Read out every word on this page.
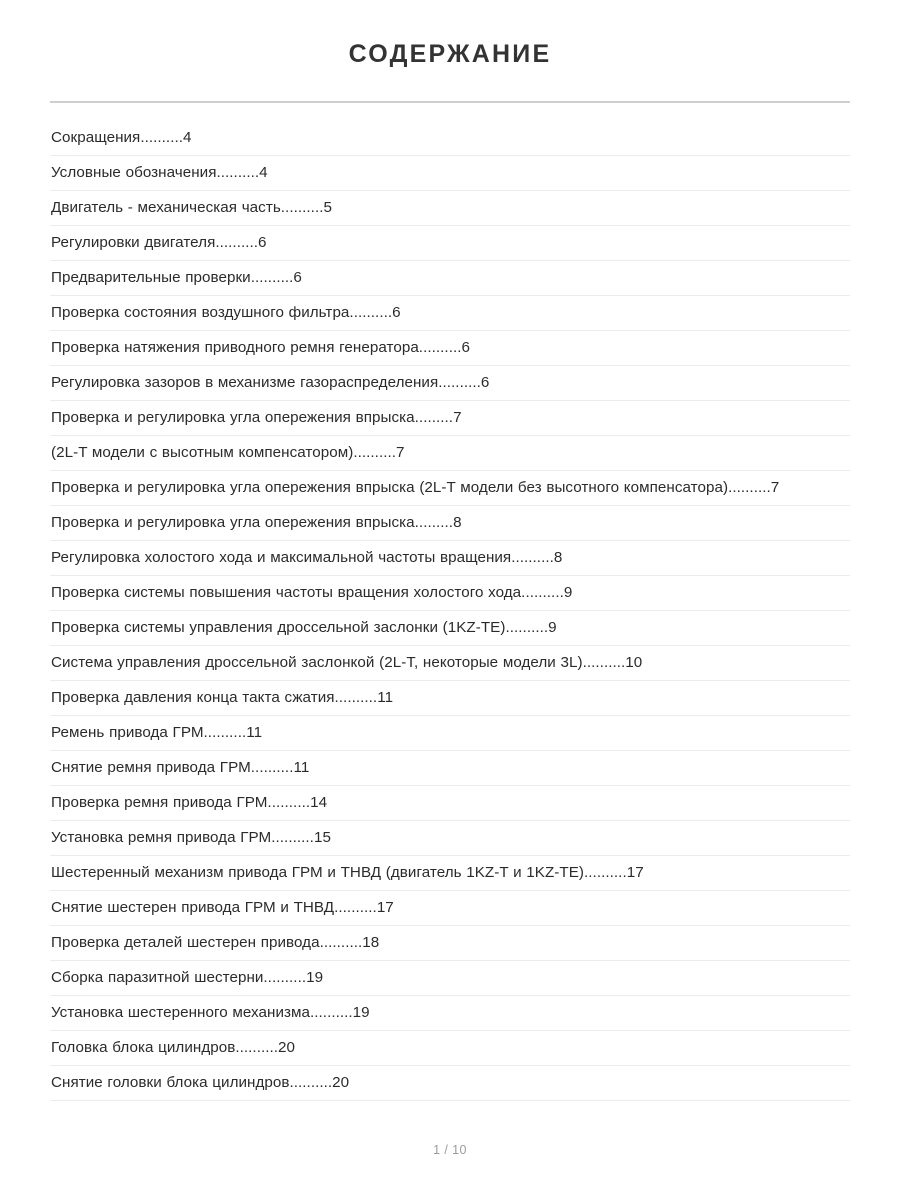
СОДЕРЖАНИЕ
Сокращения..........4
Условные обозначения..........4
Двигатель - механическая часть..........5
Регулировки двигателя..........6
Предварительные проверки..........6
Проверка состояния воздушного фильтра..........6
Проверка натяжения приводного ремня генератора..........6
Регулировка зазоров в механизме газораспределения..........6
Проверка и регулировка угла опережения впрыска.........7
(2L-T модели с высотным компенсатором)..........7
Проверка и регулировка угла опережения впрыска (2L-T модели без высотного компенсатора)..........7
Проверка и регулировка угла опережения впрыска.........8
Регулировка холостого хода и максимальной частоты вращения..........8
Проверка системы повышения частоты вращения холостого хода..........9
Проверка системы управления дроссельной заслонки (1KZ-TE)..........9
Система управления дроссельной заслонкой (2L-T, некоторые модели 3L)..........10
Проверка давления конца такта сжатия..........11
Ремень привода ГРМ..........11
Снятие ремня привода ГРМ..........11
Проверка ремня привода ГРМ..........14
Установка ремня привода ГРМ..........15
Шестеренный механизм привода ГРМ и ТНВД (двигатель 1KZ-T и 1KZ-TE)..........17
Снятие шестерен привода ГРМ и ТНВД..........17
Проверка деталей шестерен привода..........18
Сборка паразитной шестерни..........19
Установка шестеренного механизма..........19
Головка блока цилиндров..........20
Снятие головки блока цилиндров..........20
1 / 10
